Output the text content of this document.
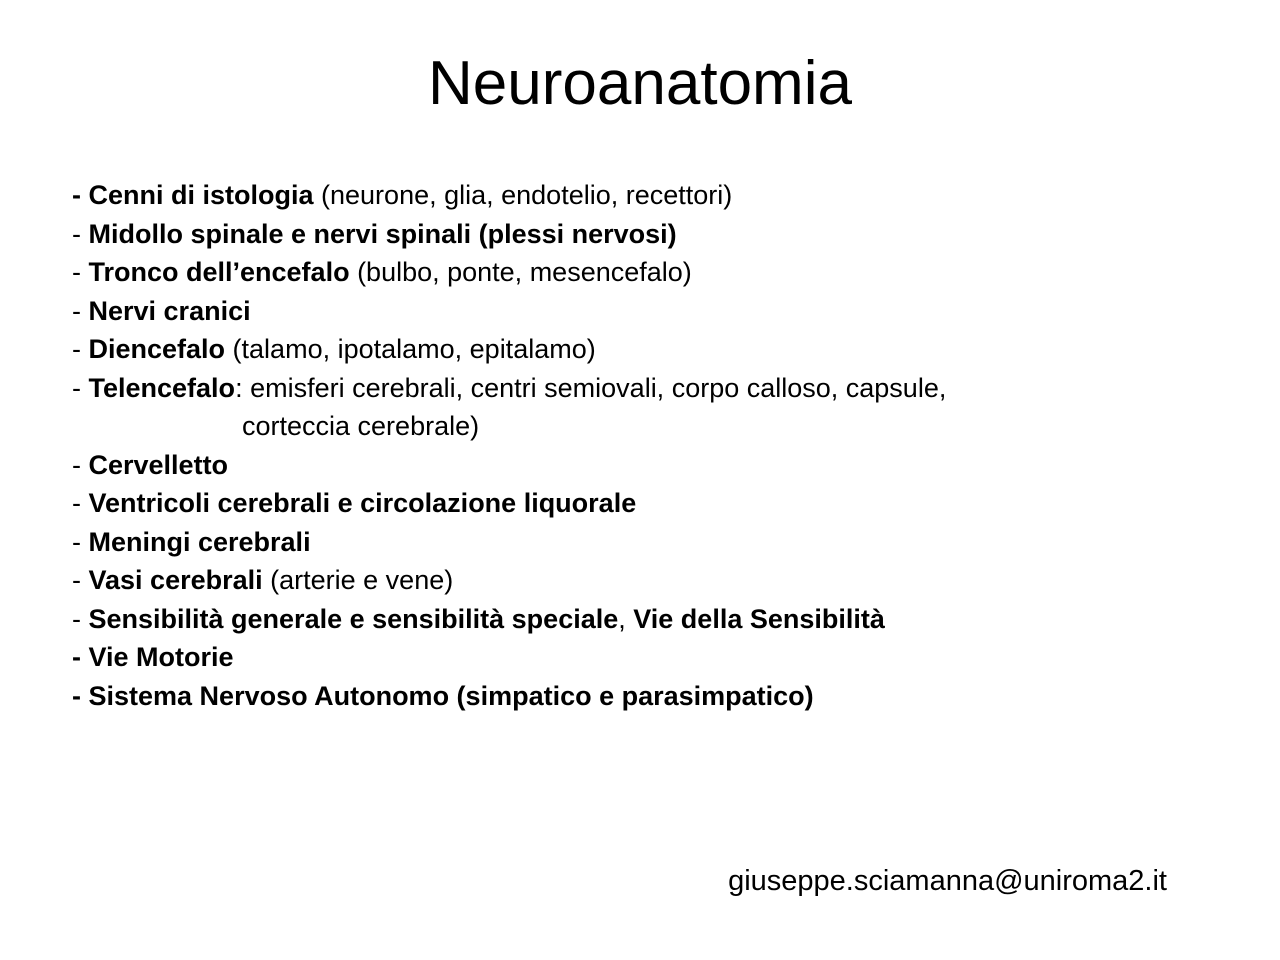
Neuroanatomia
- Cenni di istologia (neurone, glia, endotelio, recettori)
- Midollo spinale e nervi spinali (plessi nervosi)
- Tronco dell’encefalo (bulbo, ponte, mesencefalo)
- Nervi cranici
- Diencefalo (talamo, ipotalamo, epitalamo)
- Telencefalo: emisferi cerebrali, centri semiovali, corpo calloso, capsule,
corteccia cerebrale)
- Cervelletto
- Ventricoli cerebrali e circolazione liquorale
- Meningi cerebrali
- Vasi cerebrali (arterie e vene)
- Sensibilità generale e sensibilità speciale, Vie della Sensibilità
- Vie Motorie
- Sistema Nervoso Autonomo (simpatico e parasimpatico)
giuseppe.sciamanna@uniroma2.it
